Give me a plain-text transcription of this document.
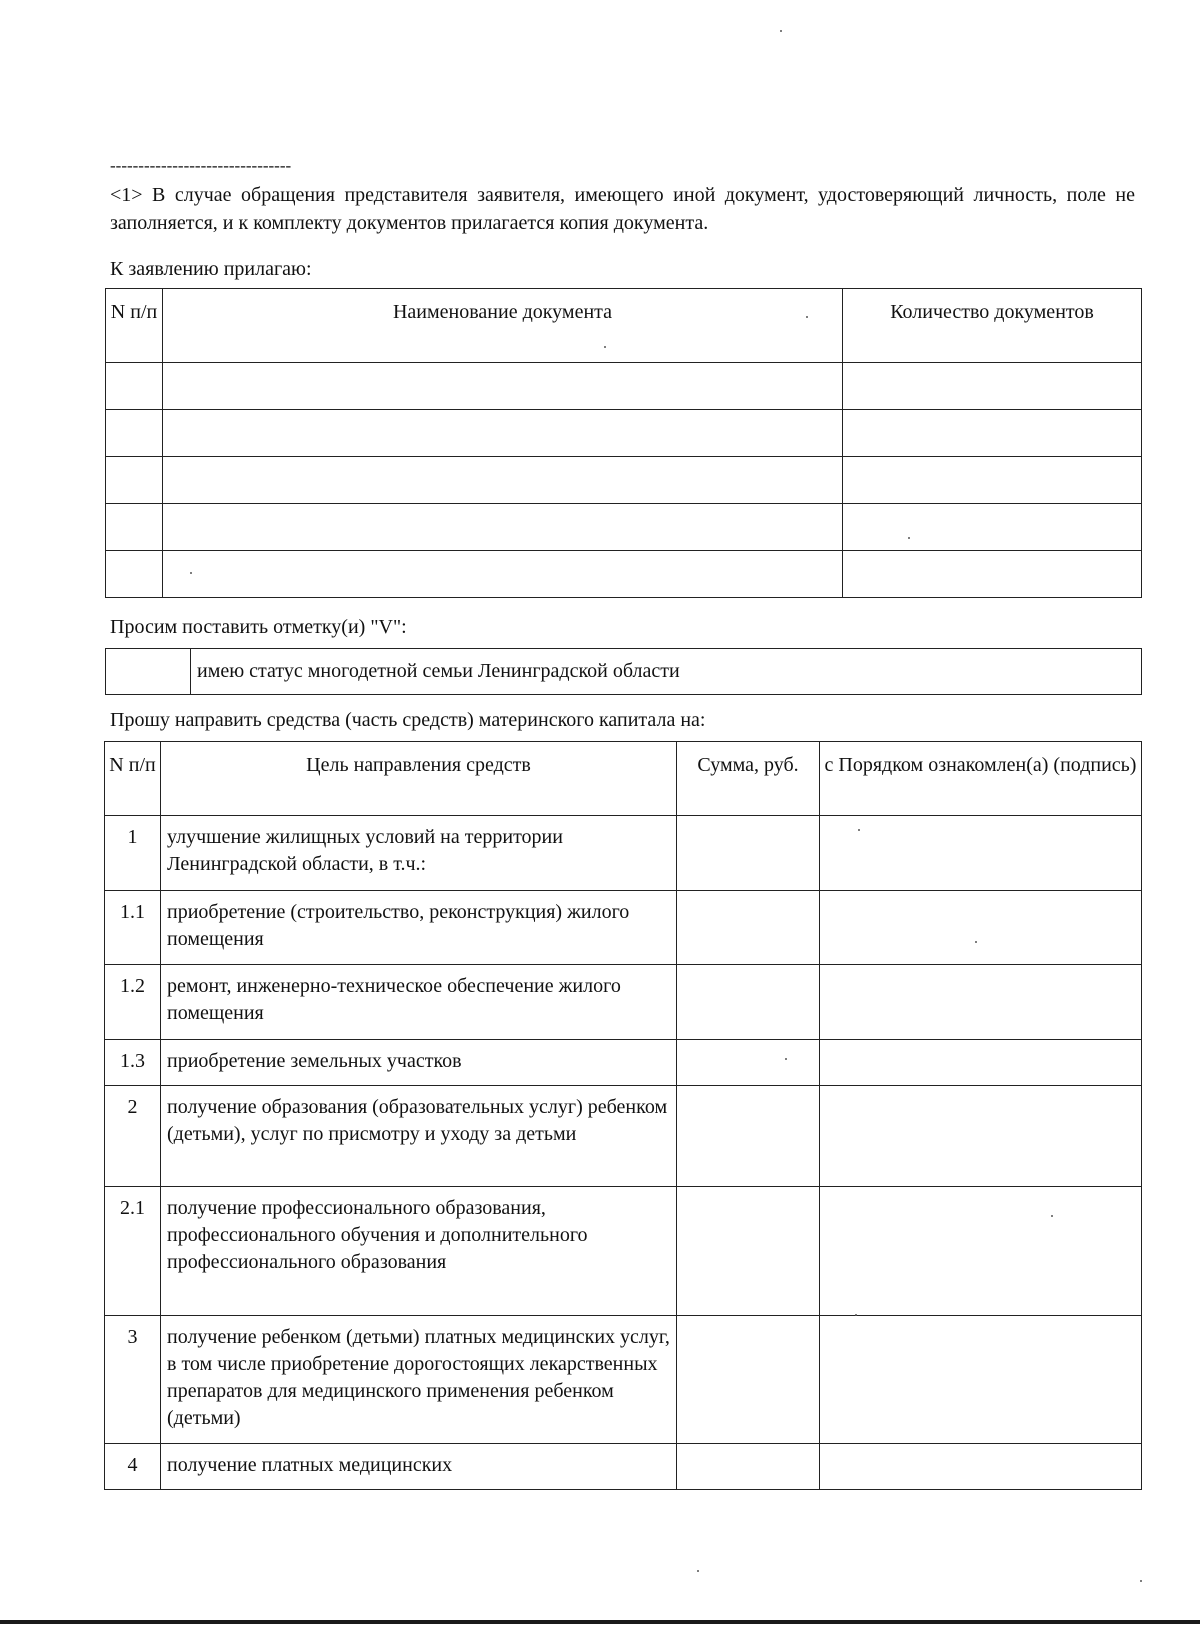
--------------------------------
<1> В случае обращения представителя заявителя, имеющего иной документ, удостоверяющий личность, поле не заполняется, и к комплекту документов прилагается копия документа.
К заявлению прилагаю:
N п/п	Наименование документа	Количество документов

Просим поставить отметку(и) "V":
	имею статус многодетной семьи Ленинградской области
Прошу направить средства (часть средств) материнского капитала на:
N п/п	Цель направления средств	Сумма, руб.	с Порядком ознакомлен(а) (подпись)
1	улучшение жилищных условий на территории Ленинградской области, в т.ч.:		
1.1	приобретение (строительство, реконструкция) жилого помещения		
1.2	ремонт, инженерно-техническое обеспечение жилого помещения		
1.3	приобретение земельных участков		
2	получение образования (образовательных услуг) ребенком (детьми), услуг по присмотру и уходу за детьми		
2.1	получение профессионального образования, профессионального обучения и дополнительного профессионального образования		
3	получение ребенком (детьми) платных медицинских услуг, в том числе приобретение дорогостоящих лекарственных препаратов для медицинского применения ребенком (детьми)		
4	получение платных медицинских		
